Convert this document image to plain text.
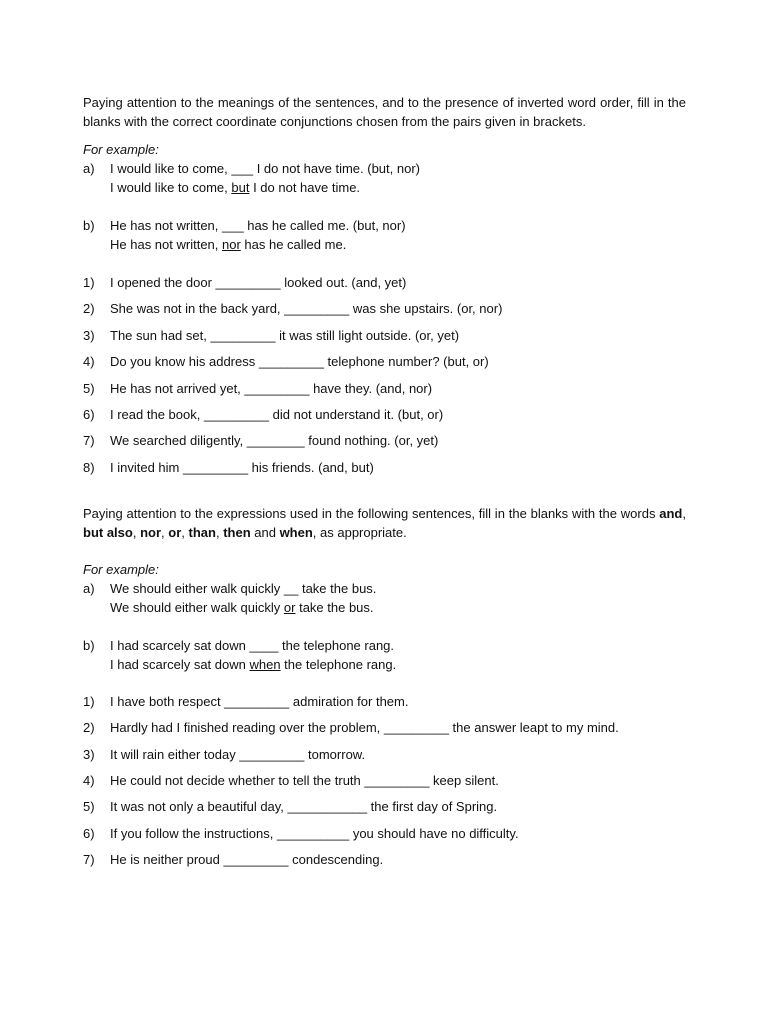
Paying attention to the meanings of the sentences, and to the presence of inverted word order, fill in the blanks with the correct coordinate conjunctions chosen from the pairs given in brackets.

For example:

a)	I would like to come, ___ I do not have time. (but, nor)
I would like to come, but I do not have time.
b)	He has not written, ___ has he called me. (but, nor)
He has not written, nor has he called me.
1)	I opened the door _________ looked out. (and, yet)
2)	She was not in the back yard, _________ was she upstairs. (or, nor)
3)	The sun had set, _________ it was still light outside. (or, yet)
4)	Do you know his address _________ telephone number? (but, or)
5)	He has not arrived yet, _________ have they. (and, nor)
6)	I read the book, _________ did not understand it. (but, or)
7)	We searched diligently, ________ found nothing. (or, yet)
8)	I invited him _________ his friends. (and, but)

Paying attention to the expressions used in the following sentences, fill in the blanks with the words and, but also, nor, or, than, then and when, as appropriate.

For example:

a)	We should either walk quickly __ take the bus.
We should either walk quickly or take the bus.
b)	I had scarcely sat down ____ the telephone rang.
I had scarcely sat down when the telephone rang.
1)	I have both respect _________ admiration for them.
2)	Hardly had I finished reading over the problem, _________ the answer leapt to my mind.
3)	It will rain either today _________ tomorrow.
4)	He could not decide whether to tell the truth _________ keep silent.
5)	It was not only a beautiful day, ___________ the first day of Spring.
6)	If you follow the instructions, __________ you should have no difficulty.
7)	He is neither proud _________ condescending.
